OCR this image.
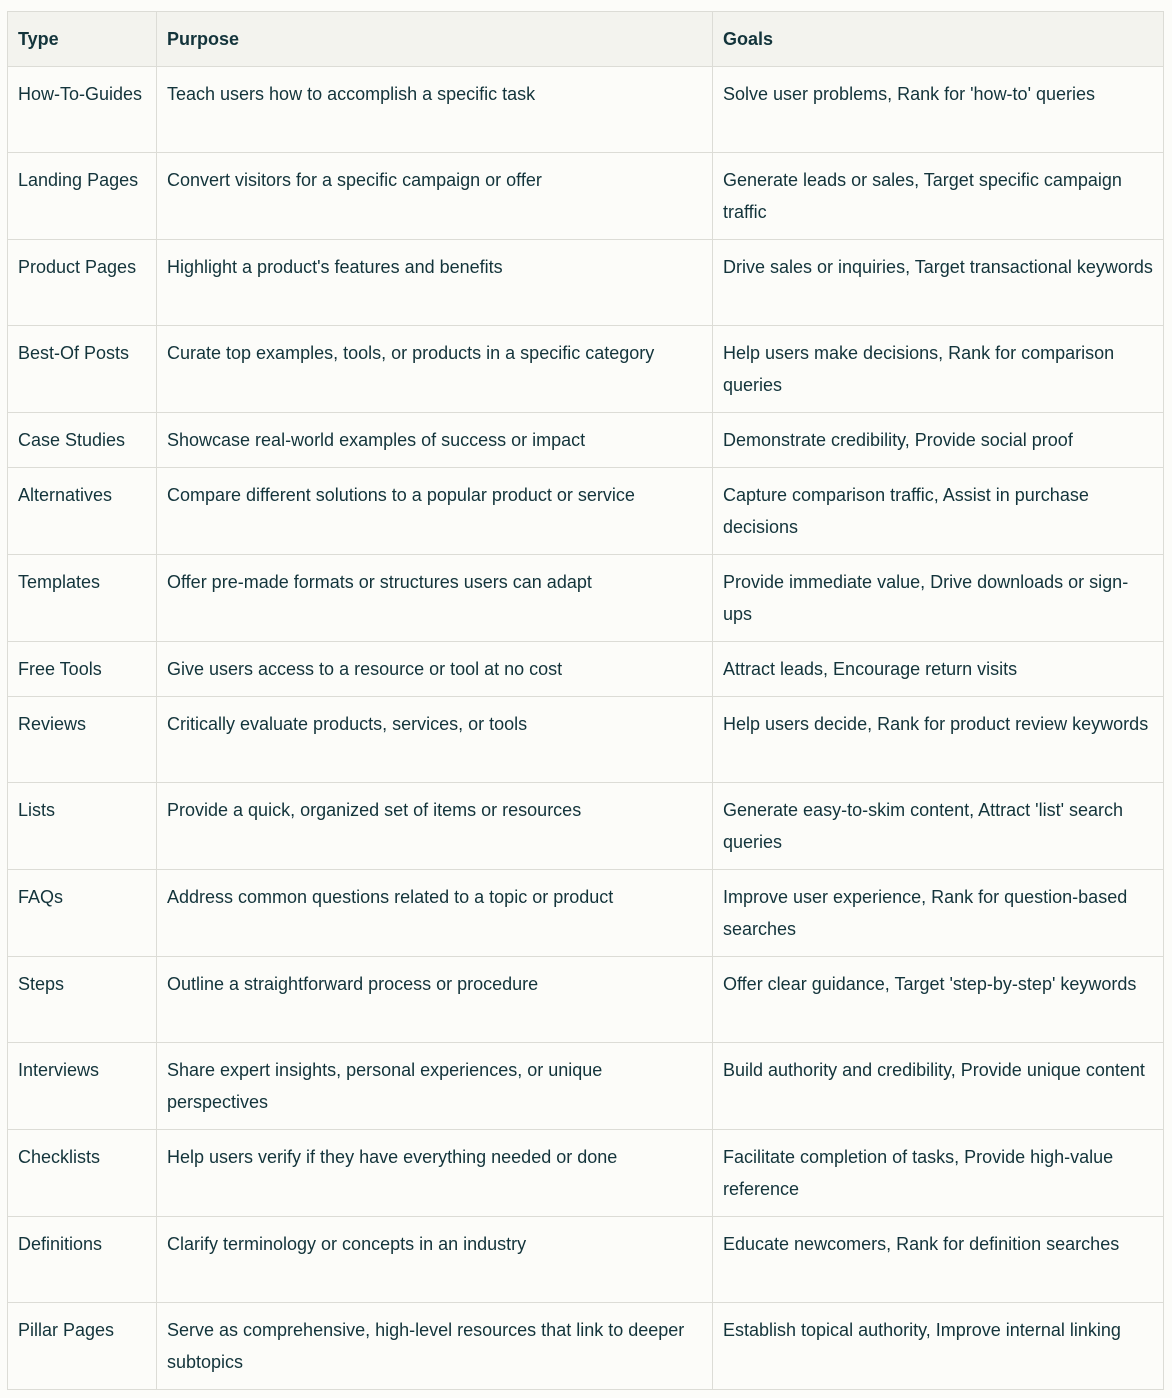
Type	Purpose	Goals
How-To-Guides	Teach users how to accomplish a specific task	Solve user problems, Rank for 'how-to' queries
Landing Pages	Convert visitors for a specific campaign or offer	Generate leads or sales, Target specific campaign traffic
Product Pages	Highlight a product's features and benefits	Drive sales or inquiries, Target transactional keywords
Best-Of Posts	Curate top examples, tools, or products in a specific category	Help users make decisions, Rank for comparison queries
Case Studies	Showcase real-world examples of success or impact	Demonstrate credibility, Provide social proof
Alternatives	Compare different solutions to a popular product or service	Capture comparison traffic, Assist in purchase decisions
Templates	Offer pre-made formats or structures users can adapt	Provide immediate value, Drive downloads or sign-ups
Free Tools	Give users access to a resource or tool at no cost	Attract leads, Encourage return visits
Reviews	Critically evaluate products, services, or tools	Help users decide, Rank for product review keywords
Lists	Provide a quick, organized set of items or resources	Generate easy-to-skim content, Attract 'list' search queries
FAQs	Address common questions related to a topic or product	Improve user experience, Rank for question-based searches
Steps	Outline a straightforward process or procedure	Offer clear guidance, Target 'step-by-step' keywords
Interviews	Share expert insights, personal experiences, or unique perspectives	Build authority and credibility, Provide unique content
Checklists	Help users verify if they have everything needed or done	Facilitate completion of tasks, Provide high-value reference
Definitions	Clarify terminology or concepts in an industry	Educate newcomers, Rank for definition searches
Pillar Pages	Serve as comprehensive, high-level resources that link to deeper subtopics	Establish topical authority, Improve internal linking
